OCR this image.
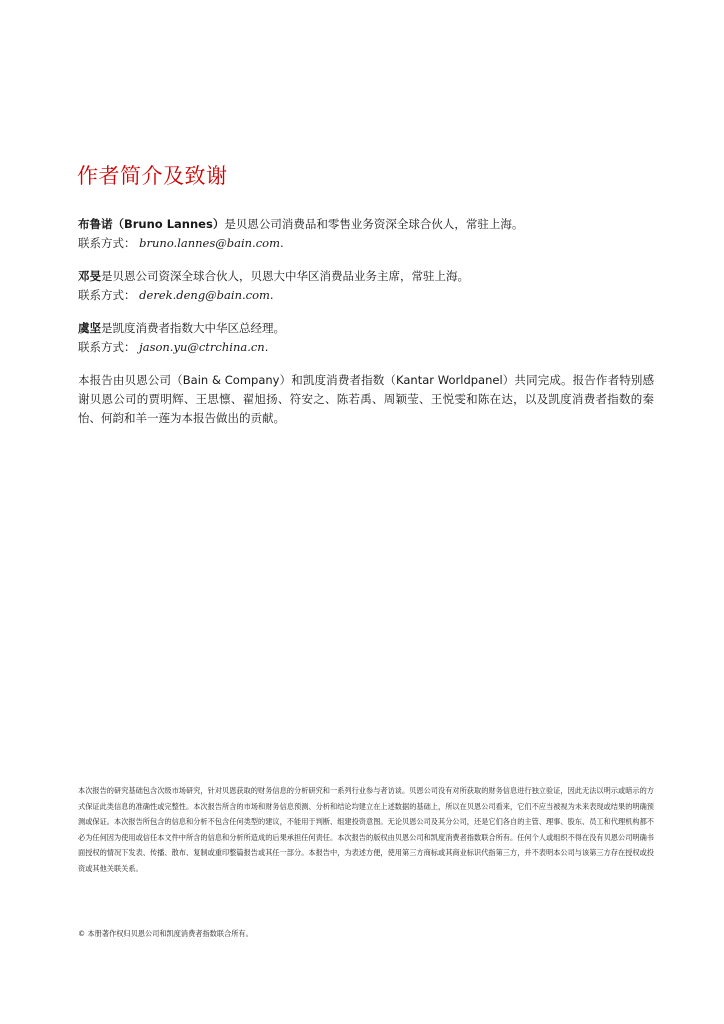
作者简介及致谢
布鲁诺（Bruno Lannes）是贝恩公司消费品和零售业务资深全球合伙人，常驻上海。
联系方式： bruno.lannes@bain.com.
邓旻是贝恩公司资深全球合伙人，贝恩大中华区消费品业务主席，常驻上海。
联系方式： derek.deng@bain.com.
虞坚是凯度消费者指数大中华区总经理。
联系方式： jason.yu@ctrchina.cn.

本报告由贝恩公司（Bain & Company）和凯度消费者指数（Kantar Worldpanel）共同完成。报告作者特别感谢贝恩公司的贾明辉、王思懔、翟旭扬、符安之、陈若禹、周颖莹、王悦雯和陈在达，以及凯度消费者指数的秦怡、何韵和羊一莲为本报告做出的贡献。

本次报告的研究基础包含次级市场研究，针对贝恩获取的财务信息的分析研究和一系列行业参与者访谈。贝恩公司没有对所获取的财务信息进行独立验证，因此无法以明示或暗示的方式保证此类信息的准确性或完整性。本次报告所含的市场和财务信息预测、分析和结论均建立在上述数据的基础上，所以在贝恩公司看来，它们不应当被视为未来表现或结果的明确预测或保证。本次报告所包含的信息和分析不包含任何类型的建议，不能用于判断、组建投资意图。无论贝恩公司及其分公司，还是它们各自的主管、理事、股东、员工和代理机构都不必为任何因为使用或信任本文件中所含的信息和分析所造成的后果承担任何责任。本次报告的版权由贝恩公司和凯度消费者指数联合所有。任何个人或组织不得在没有贝恩公司明确书面授权的情况下发表、传播、散布、复制或重印整篇报告或其任一部分。本报告中，为表述方便，使用第三方商标或其商业标识代指第三方，并不表明本公司与该第三方存在授权或投资或其他关联关系。

© 本册著作权归贝恩公司和凯度消费者指数联合所有。
